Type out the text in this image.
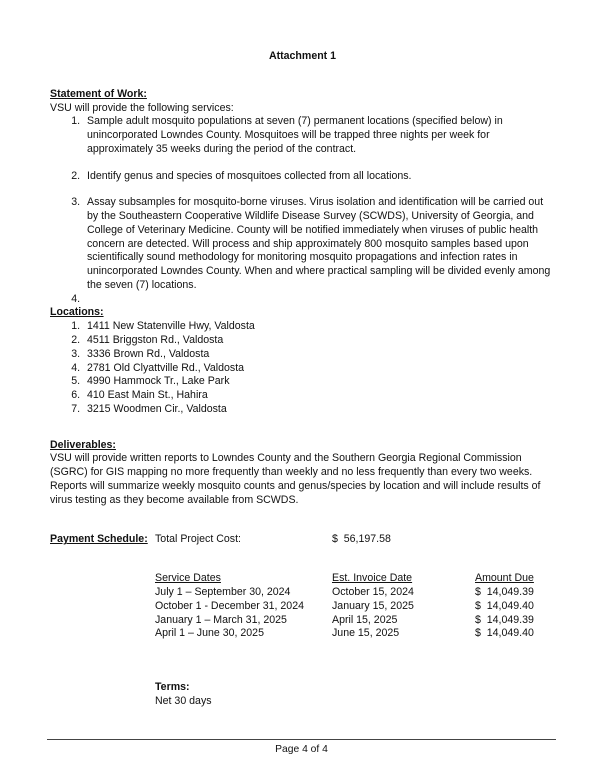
Attachment 1
Statement of Work:

VSU will provide the following services:

1. Sample adult mosquito populations at seven (7) permanent locations (specified below) in unincorporated Lowndes County. Mosquitoes will be trapped three nights per week for approximately 35 weeks during the period of the contract.
2. Identify genus and species of mosquitoes collected from all locations.
3. Assay subsamples for mosquito-borne viruses. Virus isolation and identification will be carried out by the Southeastern Cooperative Wildlife Disease Survey (SCWDS), University of Georgia, and College of Veterinary Medicine. County will be notified immediately when viruses of public health concern are detected. Will process and ship approximately 800 mosquito samples based upon scientifically sound methodology for monitoring mosquito propagations and infection rates in unincorporated Lowndes County. When and where practical sampling will be divided evenly among the seven (7) locations.
4.
Locations:
1. 1411 New Statenville Hwy, Valdosta
2. 4511 Briggston Rd., Valdosta
3. 3336 Brown Rd., Valdosta
4. 2781 Old Clyattville Rd., Valdosta
5. 4990 Hammock Tr., Lake Park
6. 410 East Main St., Hahira
7. 3215 Woodmen Cir., Valdosta
Deliverables:

VSU will provide written reports to Lowndes County and the Southern Georgia Regional Commission (SGRC) for GIS mapping no more frequently than weekly and no less frequently than every two weeks. Reports will summarize weekly mosquito counts and genus/species by location and will include results of virus testing as they become available from SCWDS.

Payment Schedule: Total Project Cost:	$  56,197.58
Service Dates	Est. Invoice Date	Amount Due
July 1 – September 30, 2024	October 15, 2024	$  14,049.39
October 1 - December 31, 2024	January 15, 2025	$  14,049.40
January 1 – March 31, 2025	April 15, 2025	$  14,049.39
April 1 – June 30, 2025	June 15, 2025	$  14,049.40
Terms:

Net 30 days

Page 4 of 4
